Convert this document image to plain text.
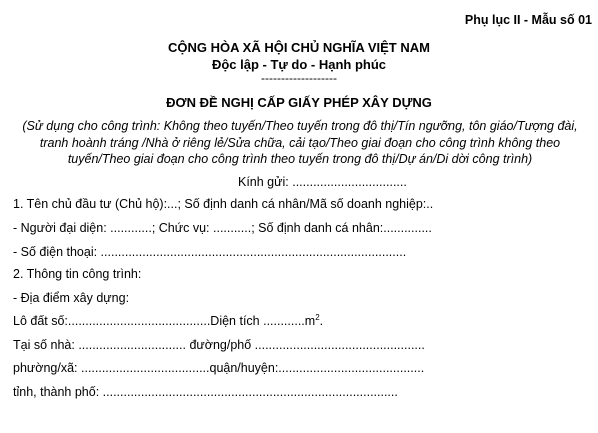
Phụ lục II - Mẫu số 01
CỘNG HÒA XÃ HỘI CHỦ NGHĨA VIỆT NAM
Độc lập - Tự do - Hạnh phúc
-------------------
ĐƠN ĐỀ NGHỊ CẤP GIẤY PHÉP XÂY DỰNG
(Sử dụng cho công trình: Không theo tuyến/Theo tuyến trong đô thị/Tín ngưỡng, tôn giáo/Tượng đài, tranh hoành tráng /Nhà ở riêng lẻ/Sửa chữa, cải tạo/Theo giai đoạn cho công trình không theo tuyến/Theo giai đoạn cho công trình theo tuyến trong đô thị/Dự án/Di dời công trình)
Kính gửi: .................................
1. Tên chủ đầu tư (Chủ hộ):...; Số định danh cá nhân/Mã số doanh nghiệp:..
- Người đại diện: ............; Chức vụ: ...........; Số định danh cá nhân:..............
- Số điện thoại: ........................................................................................
2. Thông tin công trình:
- Địa điểm xây dựng:
Lô đất số:.........................................Diện tích $............m^2$.
Tại số nhà: ............................... đường/phố .................................................
phường/xã: .....................................quận/huyện:..........................................
tỉnh, thành phố: .....................................................................................
